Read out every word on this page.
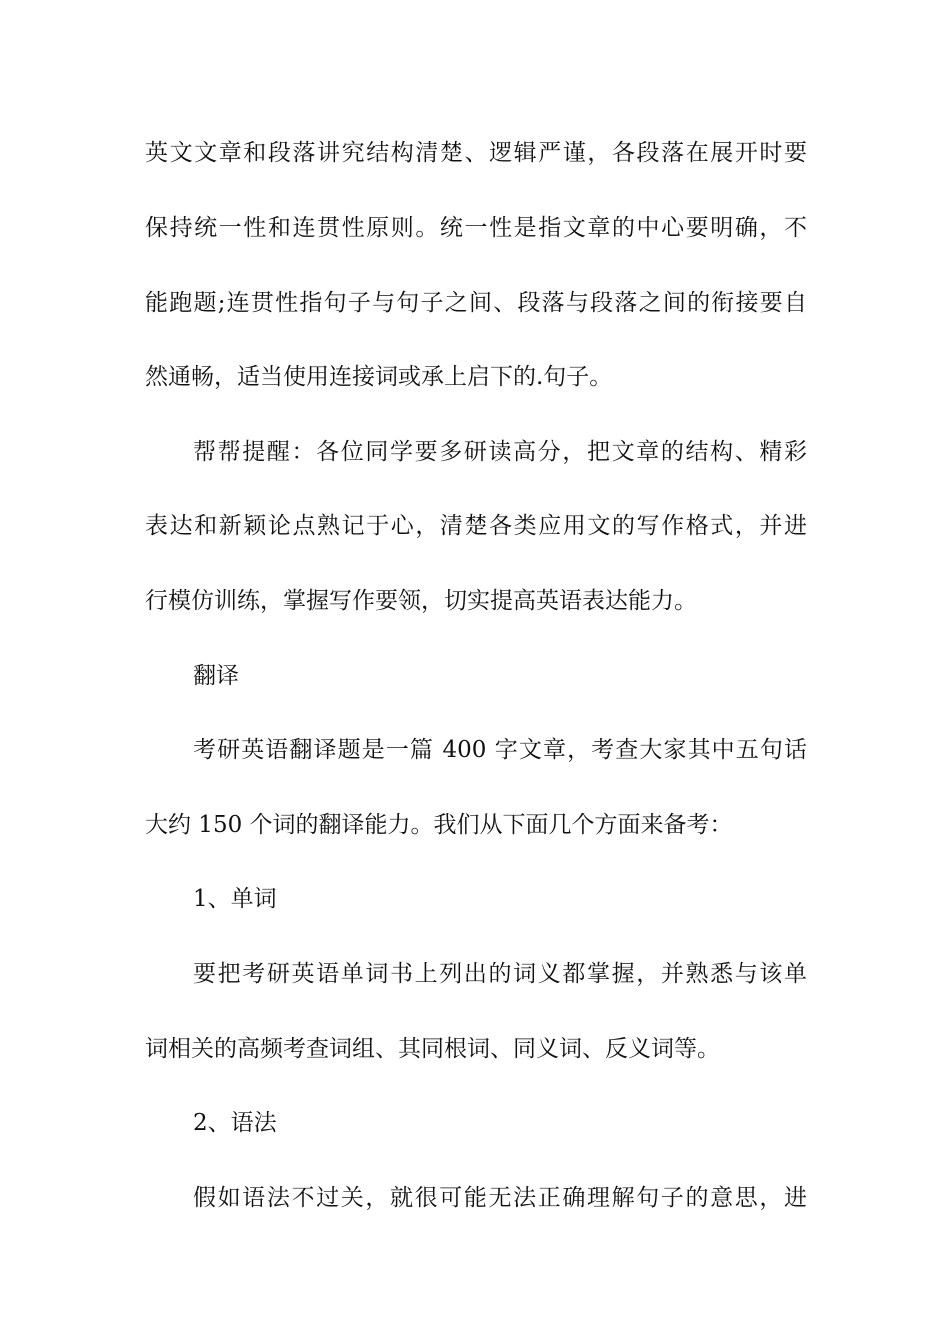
英文文章和段落讲究结构清楚、逻辑严谨，各段落在展开时要
保持统一性和连贯性原则。统一性是指文章的中心要明确，不
能跑题;连贯性指句子与句子之间、段落与段落之间的衔接要自
然通畅，适当使用连接词或承上启下的.句子。
帮帮提醒：各位同学要多研读高分，把文章的结构、精彩
表达和新颖论点熟记于心，清楚各类应用文的写作格式，并进
行模仿训练，掌握写作要领，切实提高英语表达能力。
翻译
考研英语翻译题是一篇 400 字文章，考查大家其中五句话
大约 150 个词的翻译能力。我们从下面几个方面来备考：
1、单词
要把考研英语单词书上列出的词义都掌握，并熟悉与该单
词相关的高频考查词组、其同根词、同义词、反义词等。
2、语法
假如语法不过关，就很可能无法正确理解句子的意思，进
